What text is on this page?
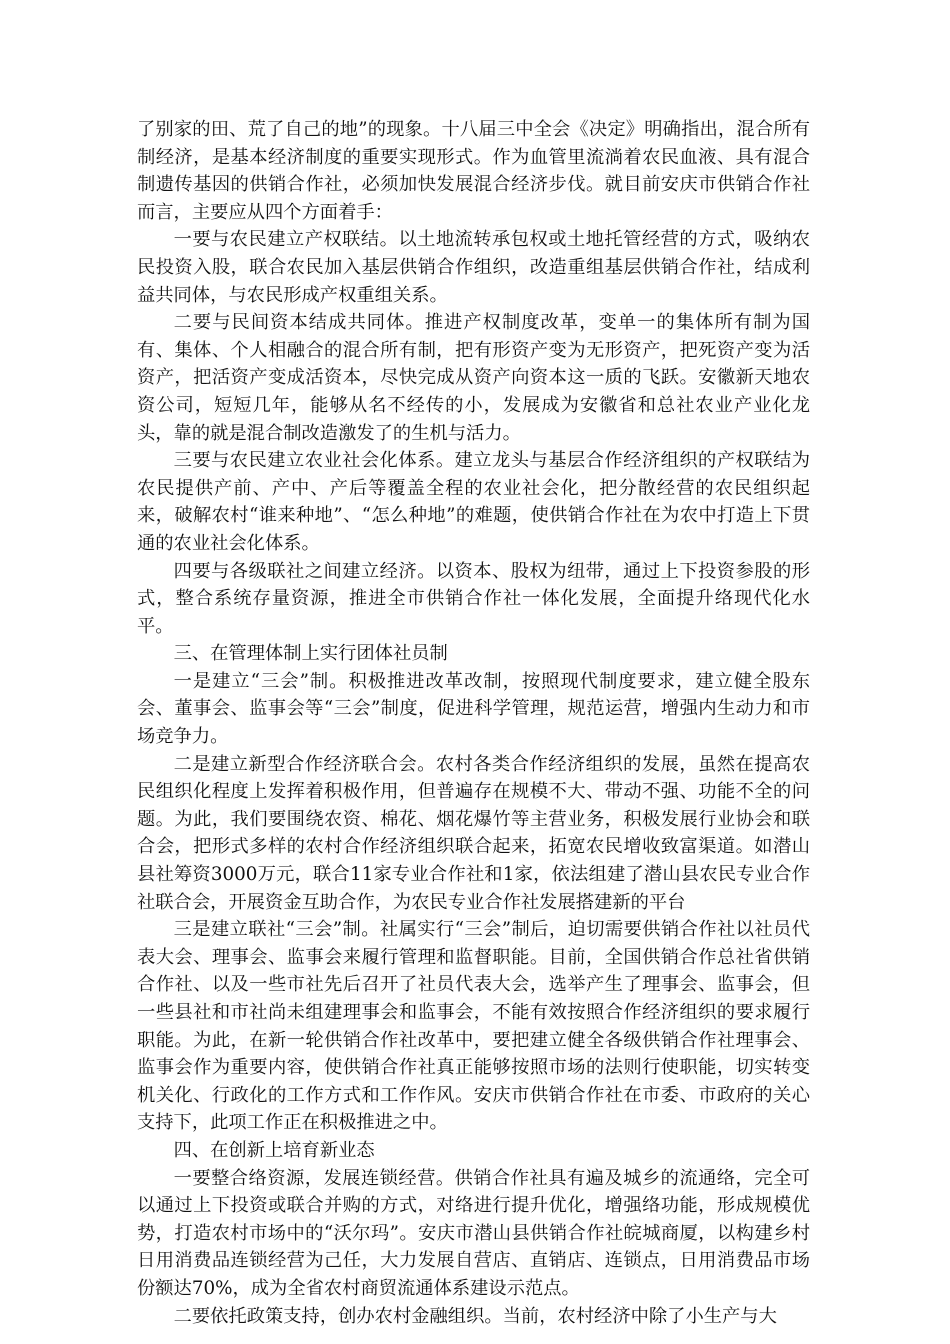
了别家的田、荒了自己的地”的现象。十八届三中全会《决定》明确指出，混合所有制经济，是基本经济制度的重要实现形式。作为血管里流淌着农民血液、具有混合制遗传基因的供销合作社，必须加快发展混合经济步伐。就目前安庆市供销合作社而言，主要应从四个方面着手：

一要与农民建立产权联结。以土地流转承包权或土地托管经营的方式，吸纳农民投资入股，联合农民加入基层供销合作组织，改造重组基层供销合作社，结成利益共同体，与农民形成产权重组关系。

二要与民间资本结成共同体。推进产权制度改革，变单一的集体所有制为国有、集体、个人相融合的混合所有制，把有形资产变为无形资产，把死资产变为活资产，把活资产变成活资本，尽快完成从资产向资本这一质的飞跃。安徽新天地农资公司，短短几年，能够从名不经传的小，发展成为安徽省和总社农业产业化龙头，靠的就是混合制改造激发了的生机与活力。

三要与农民建立农业社会化体系。建立龙头与基层合作经济组织的产权联结为农民提供产前、产中、产后等覆盖全程的农业社会化，把分散经营的农民组织起来，破解农村“谁来种地”、“怎么种地”的难题，使供销合作社在为农中打造上下贯通的农业社会化体系。

四要与各级联社之间建立经济。以资本、股权为纽带，通过上下投资参股的形式，整合系统存量资源，推进全市供销合作社一体化发展，全面提升络现代化水平。

三、在管理体制上实行团体社员制

一是建立“三会”制。积极推进改革改制，按照现代制度要求，建立健全股东会、董事会、监事会等“三会”制度，促进科学管理，规范运营，增强内生动力和市场竞争力。

二是建立新型合作经济联合会。农村各类合作经济组织的发展，虽然在提高农民组织化程度上发挥着积极作用，但普遍存在规模不大、带动不强、功能不全的问题。为此，我们要围绕农资、棉花、烟花爆竹等主营业务，积极发展行业协会和联合会，把形式多样的农村合作经济组织联合起来，拓宽农民增收致富渠道。如潜山县社筹资3000万元，联合11家专业合作社和1家，依法组建了潜山县农民专业合作社联合会，开展资金互助合作，为农民专业合作社发展搭建新的平台

三是建立联社“三会”制。社属实行“三会”制后，迫切需要供销合作社以社员代表大会、理事会、监事会来履行管理和监督职能。目前，全国供销合作总社省供销合作社、以及一些市社先后召开了社员代表大会，选举产生了理事会、监事会，但一些县社和市社尚未组建理事会和监事会，不能有效按照合作经济组织的要求履行职能。为此，在新一轮供销合作社改革中，要把建立健全各级供销合作社理事会、监事会作为重要内容，使供销合作社真正能够按照市场的法则行使职能，切实转变机关化、行政化的工作方式和工作作风。安庆市供销合作社在市委、市政府的关心支持下，此项工作正在积极推进之中。

四、在创新上培育新业态

一要整合络资源，发展连锁经营。供销合作社具有遍及城乡的流通络，完全可以通过上下投资或联合并购的方式，对络进行提升优化，增强络功能，形成规模优势，打造农村市场中的“沃尔玛”。安庆市潜山县供销合作社皖城商厦，以构建乡村日用消费品连锁经营为己任，大力发展自营店、直销店、连锁点，日用消费品市场份额达70%，成为全省农村商贸流通体系建设示范点。

二要依托政策支持，创办农村金融组织。当前，农村经济中除了小生产与大
